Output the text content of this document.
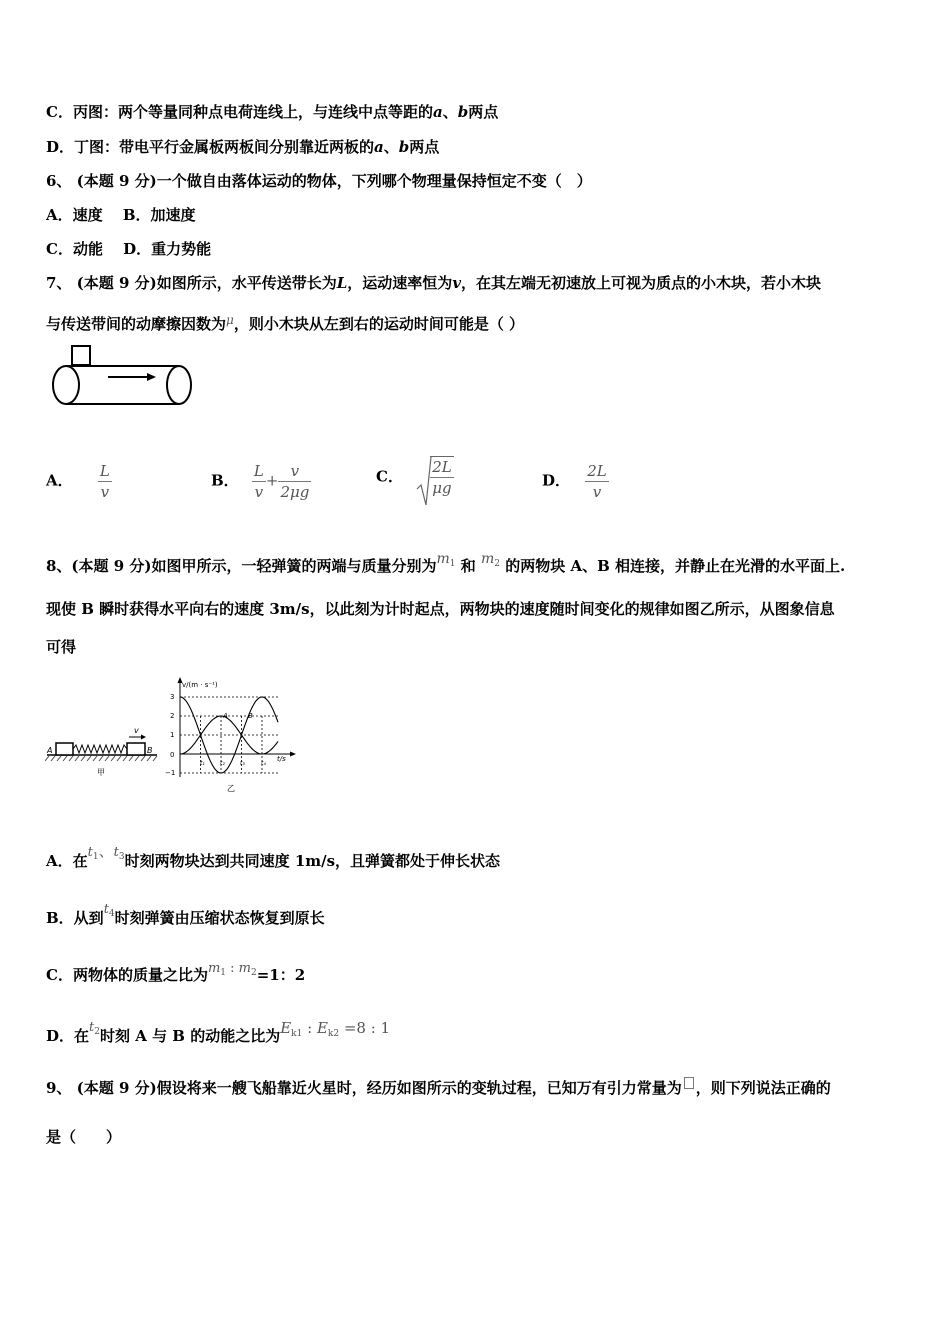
C．丙图：两个等量同种点电荷连线上，与连线中点等距的a、b两点
D．丁图：带电平行金属板两板间分别靠近两板的a、b两点
6、 (本题 9 分)一个做自由落体运动的物体，下列哪个物理量保持恒定不变（　）
A．速度　 B．加速度
C．动能　 D．重力势能
7、 (本题 9 分)如图所示，水平传送带长为L，运动速率恒为v，在其左端无初速放上可视为质点的小木块，若小木块
与传送带间的动摩擦因数为$^\mu$，则小木块从左到右的运动时间可能是（ ）
A． $\frac{L}{v}$	B． $\frac{L}{v} + \frac{v}{2\mu g}$	C． $\frac{2L}{\mu g}$	D． $\frac{2L}{v}$
8、(本题 9 分)如图甲所示，一轻弹簧的两端与质量分别为$m_1$ 和 $m_2$ 的两物块 A、B 相连接，并静止在光滑的水平面上.
现使 B 瞬时获得水平向右的速度 3m/s，以此刻为计时起点，两物块的速度随时间变化的规律如图乙所示，从图象信息
可得
A	B
v
甲
v/(m · s⁻¹)
t/s
3
2
1
0
−1
t₁	t₂	t₃	t₄
A	B
乙
A．在$t_1$、$t_3$时刻两物块达到共同速度 1m/s，且弹簧都处于伸长状态
B．从到$t_4$时刻弹簧由压缩状态恢复到原长
C．两物体的质量之比为$m_1$ : $m_2=1$：2
D．在$t_2$时刻 A 与 B 的动能之比为$E_{k1}$ : $E_{k2} =8$ : 1
9、 (本题 9 分)假设将来一艘飞船靠近火星时，经历如图所示的变轨过程，已知万有引力常量为 ，则下列说法正确的
是（　　）
